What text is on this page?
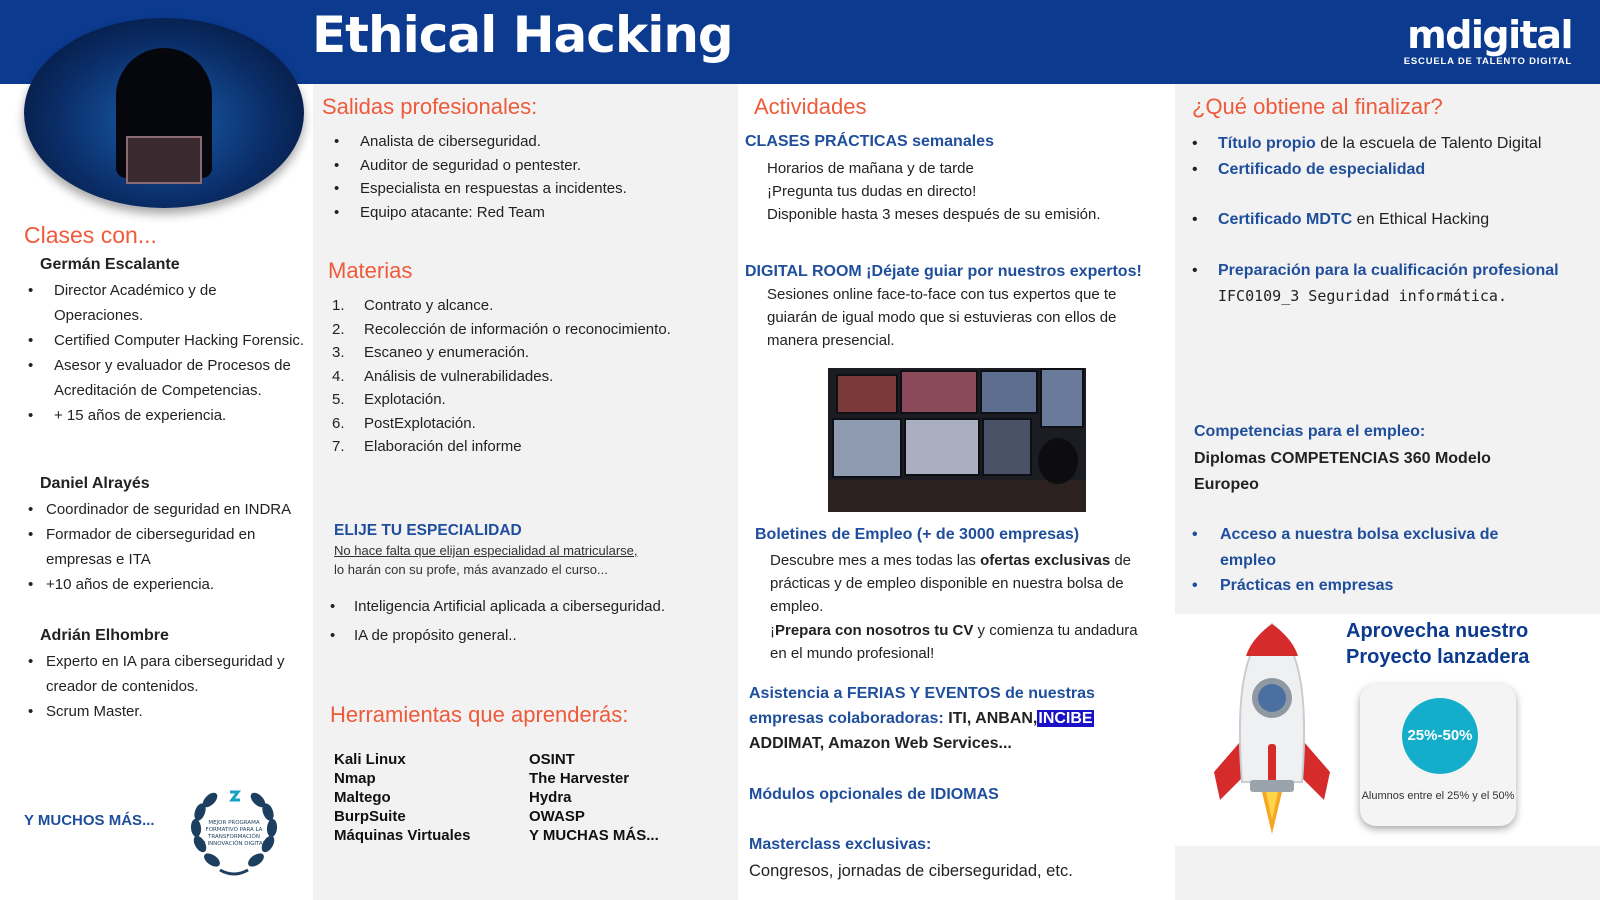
Ethical Hacking	mdigital
ESCUELA DE TALENTO DIGITAL
Clases con...
Germán Escalante
• Director Académico y de Operaciones.
• Certified Computer Hacking Forensic.
• Asesor y evaluador de Procesos de Acreditación de Competencias.
• + 15 años de experiencia.
Daniel Alrayés
• Coordinador de seguridad en INDRA
• Formador de ciberseguridad en empresas e ITA
• +10 años de experiencia.
Adrián Elhombre
• Experto en IA para ciberseguridad y creador de contenidos.
• Scrum Master.
Y MUCHOS MÁS...	MEJOR PROGRAMA
FORMATIVO PARA LA
TRANSFORMACIÓN
E INNOVACIÓN DIGITAL
Salidas profesionales:
• Analista de ciberseguridad.
• Auditor de seguridad o pentester.
• Especialista en respuestas a incidentes.
• Equipo atacante: Red Team
Materias
1. Contrato y alcance.
2. Recolección de información o reconocimiento.
3. Escaneo y enumeración.
4. Análisis de vulnerabilidades.
5. Explotación.
6. PostExplotación.
7. Elaboración del informe
ELIJE TU ESPECIALIDAD
No hace falta que elijan especialidad al matricularse,
lo harán con su profe, más avanzado el curso...
• Inteligencia Artificial aplicada a ciberseguridad.
• IA de propósito general..
Herramientas que aprenderás:
Kali Linux
Nmap
Maltego
BurpSuite
Máquinas Virtuales
OSINT
The Harvester
Hydra
OWASP
Y MUCHAS MÁS...
Actividades
CLASES PRÁCTICAS semanales
Horarios de mañana y de tarde
¡Pregunta tus dudas en directo!
Disponible hasta 3 meses después de su emisión.
DIGITAL ROOM ¡Déjate guiar por nuestros expertos!
Sesiones online face-to-face con tus expertos que te guiarán de igual modo que si estuvieras con ellos de manera presencial.
Boletines de Empleo (+ de 3000 empresas)
Descubre mes a mes todas las ofertas exclusivas de prácticas y de empleo disponible en nuestra bolsa de empleo.
¡Prepara con nosotros tu CV y comienza tu andadura en el mundo profesional!
Asistencia a FERIAS Y EVENTOS de nuestras empresas colaboradoras: ITI, ANBAN,INCIBE
ADDIMAT, Amazon Web Services...
Módulos opcionales de IDIOMAS
Masterclass exclusivas:
Congresos, jornadas de ciberseguridad, etc.
¿Qué obtiene al finalizar?
• Título propio de la escuela de Talento Digital
• Certificado de especialidad
• Certificado MDTC en Ethical Hacking
• Preparación para la cualificación profesional IFC0109_3 Seguridad informática.
Competencias para el empleo:
Diplomas COMPETENCIAS 360 Modelo Europeo
• Acceso a nuestra bolsa exclusiva de empleo
• Prácticas en empresas
Aprovecha nuestro Proyecto lanzadera
25%-50%
Alumnos entre el 25% y el 50%
